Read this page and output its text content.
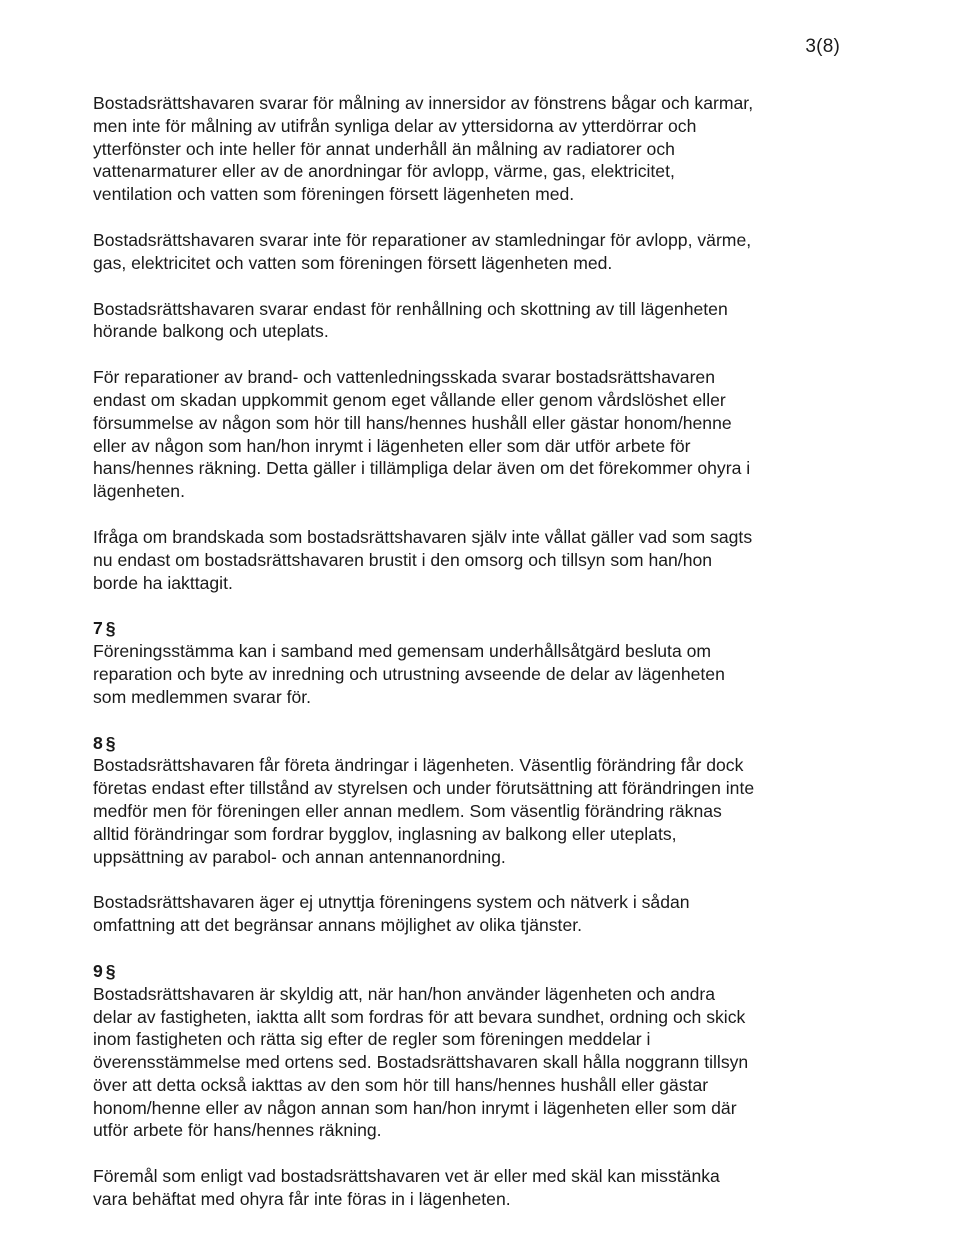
3(8)

Bostadsrättshavaren svarar för målning av innersidor av fönstrens bågar och karmar,
men inte för målning av utifrån synliga delar av yttersidorna av ytterdörrar och
ytterfönster och inte heller för annat underhåll än målning av radiatorer och
vattenarmaturer eller av de anordningar för avlopp, värme, gas, elektricitet,
ventilation och vatten som föreningen försett lägenheten med.

Bostadsrättshavaren svarar inte för reparationer av stamledningar för avlopp, värme,
gas, elektricitet och vatten som föreningen försett lägenheten med.

Bostadsrättshavaren svarar endast för renhållning och skottning av till lägenheten
hörande balkong och uteplats.

För reparationer av brand- och vattenledningsskada svarar bostadsrättshavaren
endast om skadan uppkommit genom eget vållande eller genom vårdslöshet eller
försummelse av någon som hör till hans/hennes hushåll eller gästar honom/henne
eller av någon som han/hon inrymt i lägenheten eller som där utför arbete för
hans/hennes räkning. Detta gäller i tillämpliga delar även om det förekommer ohyra i
lägenheten.

Ifråga om brandskada som bostadsrättshavaren själv inte vållat gäller vad som sagts
nu endast om bostadsrättshavaren brustit i den omsorg och tillsyn som han/hon
borde ha iakttagit.

7 §
Föreningsstämma kan i samband med gemensam underhållsåtgärd besluta om
reparation och byte av inredning och utrustning avseende de delar av lägenheten
som medlemmen svarar för.
8 §
Bostadsrättshavaren får företa ändringar i lägenheten. Väsentlig förändring får dock
företas endast efter tillstånd av styrelsen och under förutsättning att förändringen inte
medför men för föreningen eller annan medlem. Som väsentlig förändring räknas
alltid förändringar som fordrar bygglov, inglasning av balkong eller uteplats,
uppsättning av parabol- och annan antennanordning.

Bostadsrättshavaren äger ej utnyttja föreningens system och nätverk i sådan
omfattning att det begränsar annans möjlighet av olika tjänster.

9 §
Bostadsrättshavaren är skyldig att, när han/hon använder lägenheten och andra
delar av fastigheten, iaktta allt som fordras för att bevara sundhet, ordning och skick
inom fastigheten och rätta sig efter de regler som föreningen meddelar i
överensstämmelse med ortens sed. Bostadsrättshavaren skall hålla noggrann tillsyn
över att detta också iakttas av den som hör till hans/hennes hushåll eller gästar
honom/henne eller av någon annan som han/hon inrymt i lägenheten eller som där
utför arbete för hans/hennes räkning.

Föremål som enligt vad bostadsrättshavaren vet är eller med skäl kan misstänka
vara behäftat med ohyra får inte föras in i lägenheten.
